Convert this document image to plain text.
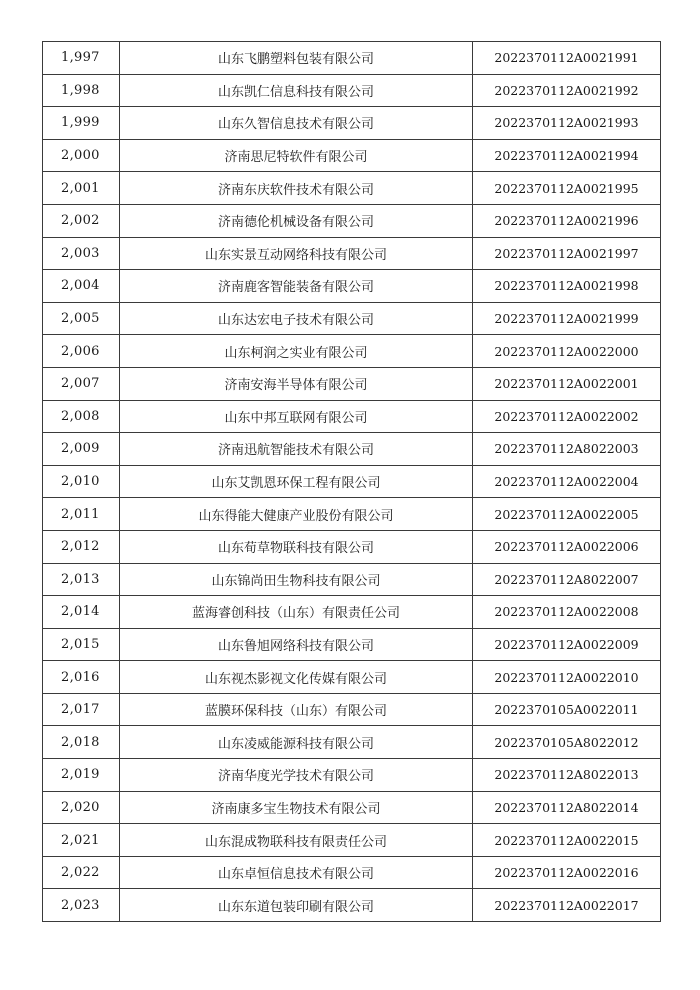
1,997	山东飞鹏塑料包装有限公司	2022370112A0021991
1,998	山东凯仁信息科技有限公司	2022370112A0021992
1,999	山东久智信息技术有限公司	2022370112A0021993
2,000	济南思尼特软件有限公司	2022370112A0021994
2,001	济南东庆软件技术有限公司	2022370112A0021995
2,002	济南德伦机械设备有限公司	2022370112A0021996
2,003	山东实景互动网络科技有限公司	2022370112A0021997
2,004	济南鹿客智能装备有限公司	2022370112A0021998
2,005	山东达宏电子技术有限公司	2022370112A0021999
2,006	山东柯润之实业有限公司	2022370112A0022000
2,007	济南安海半导体有限公司	2022370112A0022001
2,008	山东中邦互联网有限公司	2022370112A0022002
2,009	济南迅航智能技术有限公司	2022370112A8022003
2,010	山东艾凯恩环保工程有限公司	2022370112A0022004
2,011	山东得能大健康产业股份有限公司	2022370112A0022005
2,012	山东荀草物联科技有限公司	2022370112A0022006
2,013	山东锦尚田生物科技有限公司	2022370112A8022007
2,014	蓝海睿创科技（山东）有限责任公司	2022370112A0022008
2,015	山东鲁旭网络科技有限公司	2022370112A0022009
2,016	山东视杰影视文化传媒有限公司	2022370112A0022010
2,017	蓝膜环保科技（山东）有限公司	2022370105A0022011
2,018	山东凌威能源科技有限公司	2022370105A8022012
2,019	济南华度光学技术有限公司	2022370112A8022013
2,020	济南康多宝生物技术有限公司	2022370112A8022014
2,021	山东混成物联科技有限责任公司	2022370112A0022015
2,022	山东卓恒信息技术有限公司	2022370112A0022016
2,023	山东东道包装印刷有限公司	2022370112A0022017
